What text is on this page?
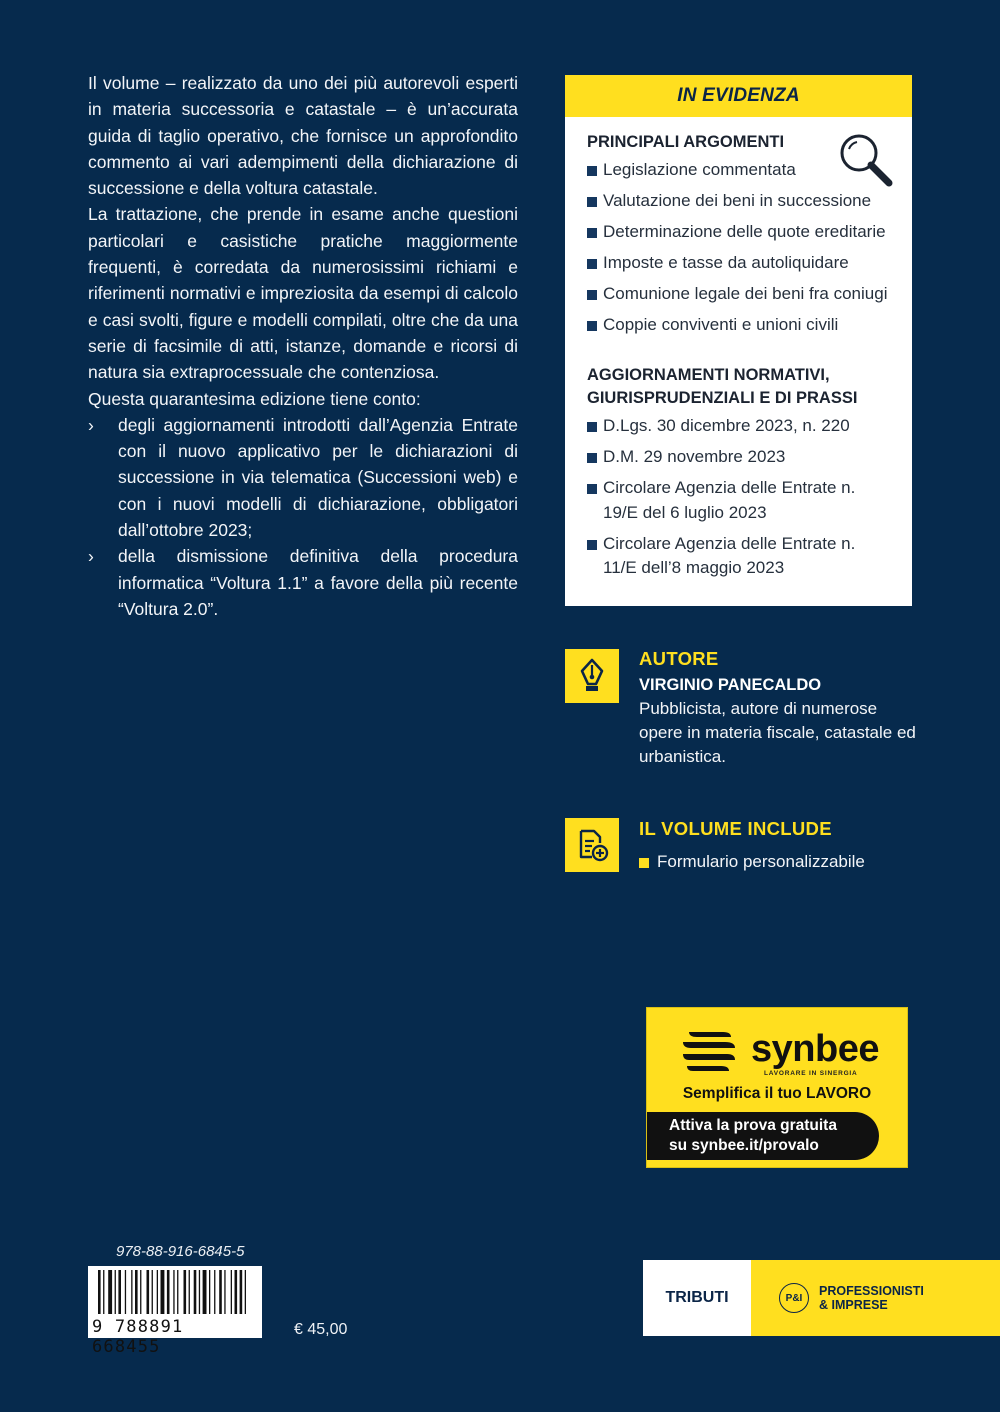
Il volume – realizzato da uno dei più autorevoli esperti in materia successoria e catastale – è un’accurata guida di taglio operativo, che fornisce un approfondito commento ai vari adempimenti della dichiarazione di successione e della voltura catastale.

La trattazione, che prende in esame anche questioni particolari e casistiche pratiche maggiormente frequenti, è corredata da numerosissimi richiami e riferimenti normativi e impreziosita da esempi di calcolo e casi svolti, figure e modelli compilati, oltre che da una serie di facsimile di atti, istanze, domande e ricorsi di natura sia extraprocessuale che contenziosa.

Questa quarantesima edizione tiene conto:

› degli aggiornamenti introdotti dall’Agenzia Entrate con il nuovo applicativo per le dichiarazioni di successione in via telematica (Successioni web) e con i nuovi modelli di dichiarazione, obbligatori dall’ottobre 2023;
› della dismissione definitiva della procedura informatica “Voltura 1.1” a favore della più recente “Voltura 2.0”.
IN EVIDENZA
PRINCIPALI ARGOMENTI
Legislazione commentata
Valutazione dei beni in successione
Determinazione delle quote ereditarie
Imposte e tasse da autoliquidare
Comunione legale dei beni fra coniugi
Coppie conviventi e unioni civili
AGGIORNAMENTI NORMATIVI,
GIURISPRUDENZIALI E DI PRASSI
D.Lgs. 30 dicembre 2023, n. 220
D.M. 29 novembre 2023
Circolare Agenzia delle Entrate n. 19/E del 6 luglio 2023
Circolare Agenzia delle Entrate n. 11/E dell’8 maggio 2023
AUTORE
VIRGINIO PANECALDO
Pubblicista, autore di numerose opere in materia fiscale, catastale ed urbanistica.
IL VOLUME INCLUDE
Formulario personalizzabile
synbee
LAVORARE IN SINERGIA
Semplifica il tuo LAVORO
Attiva la prova gratuita
su synbee.it/provalo
978-88-916-6845-5
9 788891 668455
€ 45,00
TRIBUTI	P&I	PROFESSIONISTI
& IMPRESE
